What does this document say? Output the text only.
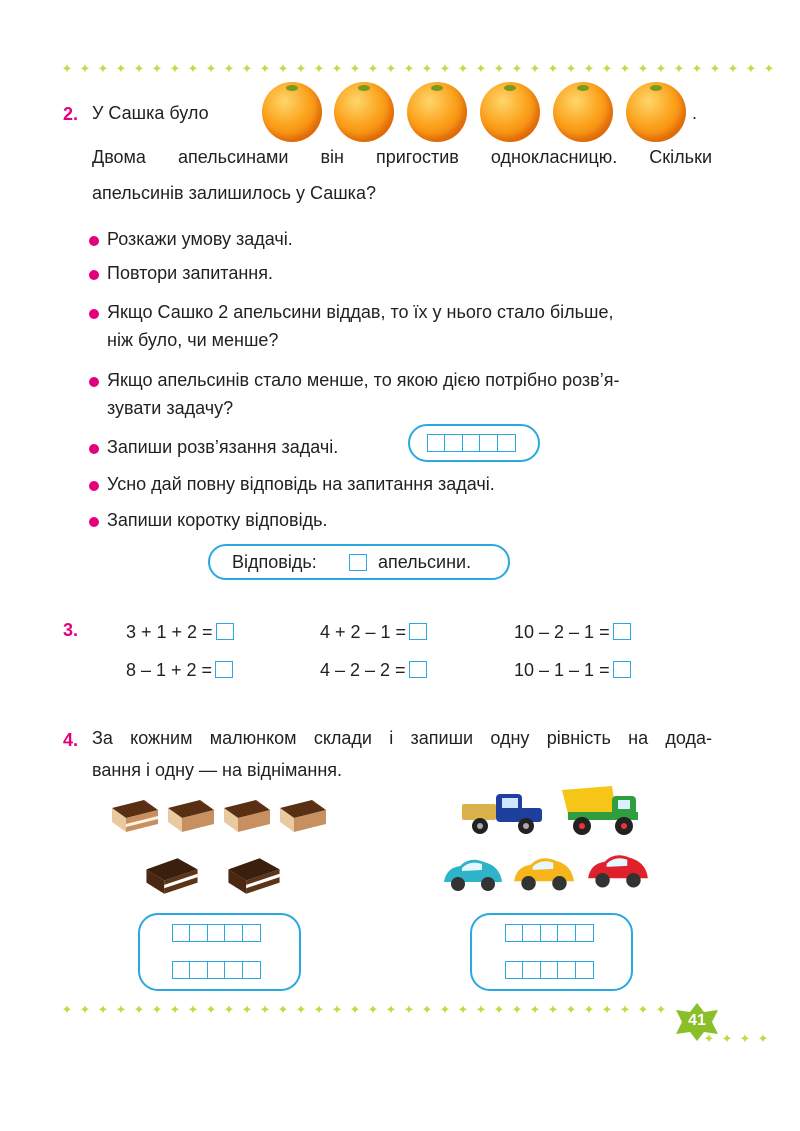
✦ ✦ ✦ ✦ ✦ ✦ ✦ ✦ ✦ ✦ ✦ ✦ ✦ ✦ ✦ ✦ ✦ ✦ ✦ ✦ ✦ ✦ ✦ ✦ ✦ ✦ ✦ ✦ ✦ ✦ ✦ ✦ ✦ ✦ ✦ ✦ ✦ ✦ ✦ ✦
2. У Сашка було	.
Двома апельсинами він пригостив однокласницю. Скільки
апельсинів залишилось у Сашка?
Розкажи умову задачі.
Повтори запитання.
Якщо Сашко 2 апельсини віддав, то їх у нього стало більше,
ніж було, чи менше?
Якщо апельсинів стало менше, то якою дією потрібно розв’я-
зувати задачу?
Запиши розв’язання задачі.
Усно дай повну відповідь на запитання задачі.
Запиши коротку відповідь.
Відповідь:	апельсини.
3.	3 + 1 + 2 =	4 + 2 – 1 =	10 – 2 – 1 =
8 – 1 + 2 =	4 – 2 – 2 =	10 – 1 – 1 =
4. За кожним малюнком склади і запиши одну рівність на дода-
вання і одну — на віднімання.
✦ ✦ ✦ ✦ ✦ ✦ ✦ ✦ ✦ ✦ ✦ ✦ ✦ ✦ ✦ ✦ ✦ ✦ ✦ ✦ ✦ ✦ ✦ ✦ ✦ ✦ ✦ ✦ ✦ ✦ ✦ ✦ ✦ ✦
✦ ✦ ✦ ✦
41
